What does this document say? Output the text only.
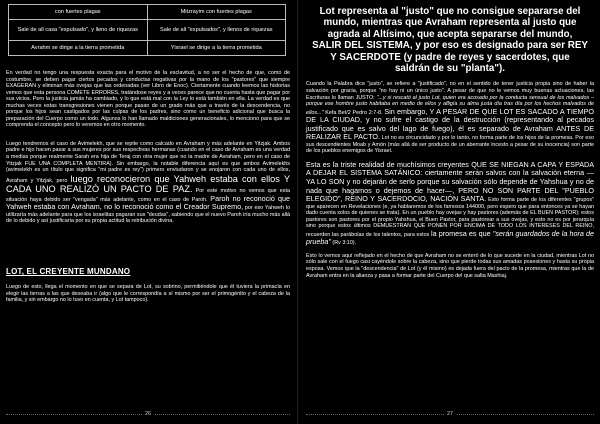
con fuertes plagas	Mitzrayim con fuertes plagas
Sale de all casa "expulsado", y lleno de riquezas	Sale de all "expulsados", y llenos de riquezas
Avrahm se dirige a la tierra prometida	Yisrael se dirige a la tierra prometida

En verdad no tengo una respuesta exacta para el motivo de la esclavitud, a no ser el hecho de que, como de costumbre, se deben pagar ciertos pecados y conductas negativas por la mano de los "pastores" que siempre EXAGERAN y eliminan más ovejas que las ordenadas (ver Libro de Enoc). Ciertamente cuando leemos las historias vemos que esta persona COMETE ERRORES, tratándose reyes y a veces parece que no cuenta hasta que pagar por sus vicios. Pero la justicia jamás ha cambiado, y lo que está mal con la Ley lo está también en ella. La verdad es que muchas veces estas transgresiones vienen porque pasan de un grado más que a través de la descendencia, no porque los hijos sean castigados por las culpas de los padres, sino como un beneficio adicional que busca la preparación del Cuerpo como un todo. Algunos lo han llamado maldiciones generacionales, lo menciono para que se comprenda el concepto pero lo veremos en otro momento.

Luego tendremos el caso de Avimelekh, que se repite como calcado en Avraham y más adelante en Yitzjak. Ambos padre e hijo hacen pasar a sus mujeres por sus respectivas hermanas (cuando en el caso de Avraham es una verdad a medias porque realmente Sarah era hija de Teraj con otra mujer que no la madre de Avraham, pero en el caso de Yitzjak FUE UNA COMPLETA MENTIRA). Sin embargo, la notable diferencia aquí es que ambos Avimelekhs (avimelekh es un título que significa "mi padre es rey") primero enviudaron y se enojaron con cada uno de ellos, Avraham y Yitzjak, pero luego reconocieron que Yahweh estaba con ellos Y CADA UNO REALIZÓ UN PACTO DE PAZ. Por este motivo no vemos que esta situación haya debido ser "vengada" más adelante, como en el caso de Paroh. Paroh no reconoció que Yahweh estaba con Avraham, no lo reconoció como el Creador Supremo, por eso Yahweh lo utilizaría más adelante para que los israelitas pagaran sus "deudas", sabiendo que el nuevo Paroh iría mucho más allá de lo debido y así justificaría por su propia actitud la retribución divina.

LOT, EL CREYENTE MUNDANO

Luego de esto, llega el momento en que se separa de Lot, su sobrino, permitiéndole que él tuviera la primacía en elegir las tierras a las que deseaba ir (algo que le correspondía a sí mismo por ser el primogénito y el cabeza de la familia, y sin embargo no lo tuvo en cuenta, y Lot tampoco).

26
Lot representa al "justo" que no consigue separarse del mundo, mientras que Avraham representa al justo que agrada al Altísimo, que acepta separarse del mundo, SALIR DEL SISTEMA, y por eso es designado para ser REY Y SACERDOTE (y padre de reyes y sacerdotes, que saldrán de su "planta").

Cuando la Palabra dice "justo", se refiere a "justificado", no en el sentido de tener justicia propia sino de haber la salvación por gracia, porque "no hay ni un único justo". A pesar de que no le vemos muy buenas actuaciones, las Escrituras lo llaman JUSTO: "...y si rescató al justo Lot, quien era acosado por la conducta sensual de los malvados – porque ese hombre justo habitaba en medio de ellos y afligía su alma justa día tras día por los hechos malvados de ellos..." Kefa Bet/2 Pedro 2:7-8. Sin embargo, Y A PESAR DE QUE LOT ES SACADO A TIEMPO DE LA CIUDAD, y no sufre el castigo de la destrucción (representando al pecados justificado que es salvo del lago de fuego), él es separado de Avraham ANTES DE REALIZAR EL PACTO. Lot no es circuncidado y por lo tanto, no forma parte de los hijos de la promesa. Por eso sus descendientes Moab y Amón (más allá de ser producto de un aberrante incesto a pesar de su inocencia) son parte de los pueblos enemigos de Yisrael.

Esta es la triste realidad de muchísimos creyentes QUE SE NIEGAN A CAPA Y ESPADA A DEJAR EL SISTEMA SATÁNICO: ciertamente serán salvos con la salvación eterna —YA LO SON y no dejarán de serlo porque su salvación sólo depende de Yahshua y no de nada que hagamos o dejemos de hacer—, PERO NO SON PARTE DEL "PUEBLO ELEGIDO", REINO Y SACERDOCIO, NACIÓN SANTA. Esto forma parte de los diferentes "grupos" que aparecen en Revelaciones (e, ya hablaremos de los famosos 144000, pero espero que para entonces ya se hayan dado cuenta solos de quienes se trata). En un pueblo hay ovejas y hay pastores (además de EL BUEN PASTOR); estos pastores son pastores por el propio Yahshua, el Buen Pastor, para pastorear a sus ovejas, y esto no es por jerarquía sino porque estos últimos DEMUESTRAN QUE PONEN POR ENCIMA DE TODO LOS INTERESES DEL REINO, recuerden las parábolas de los talentos, para estos la promesa es que "serán guardados de la hora de prueba" (Rv 3:10).

Esto lo vemos aquí reflejado en el hecho de que Avraham no se enteró de lo que sucede en la ciudad, mientras Lot no sólo sale con el fuego casi cayéndole sobre la cabeza, sino que pierde todas sus amadas posesiones y hasta su propia esposa. Vemos que la "descendencia" de Lot (y él mismo) es dejada fuera del pacto de la promesa, mientras que la de Avraham entra en la alianza y pasa a formar parte del Cuerpo del que salta Mashiaj.

27
